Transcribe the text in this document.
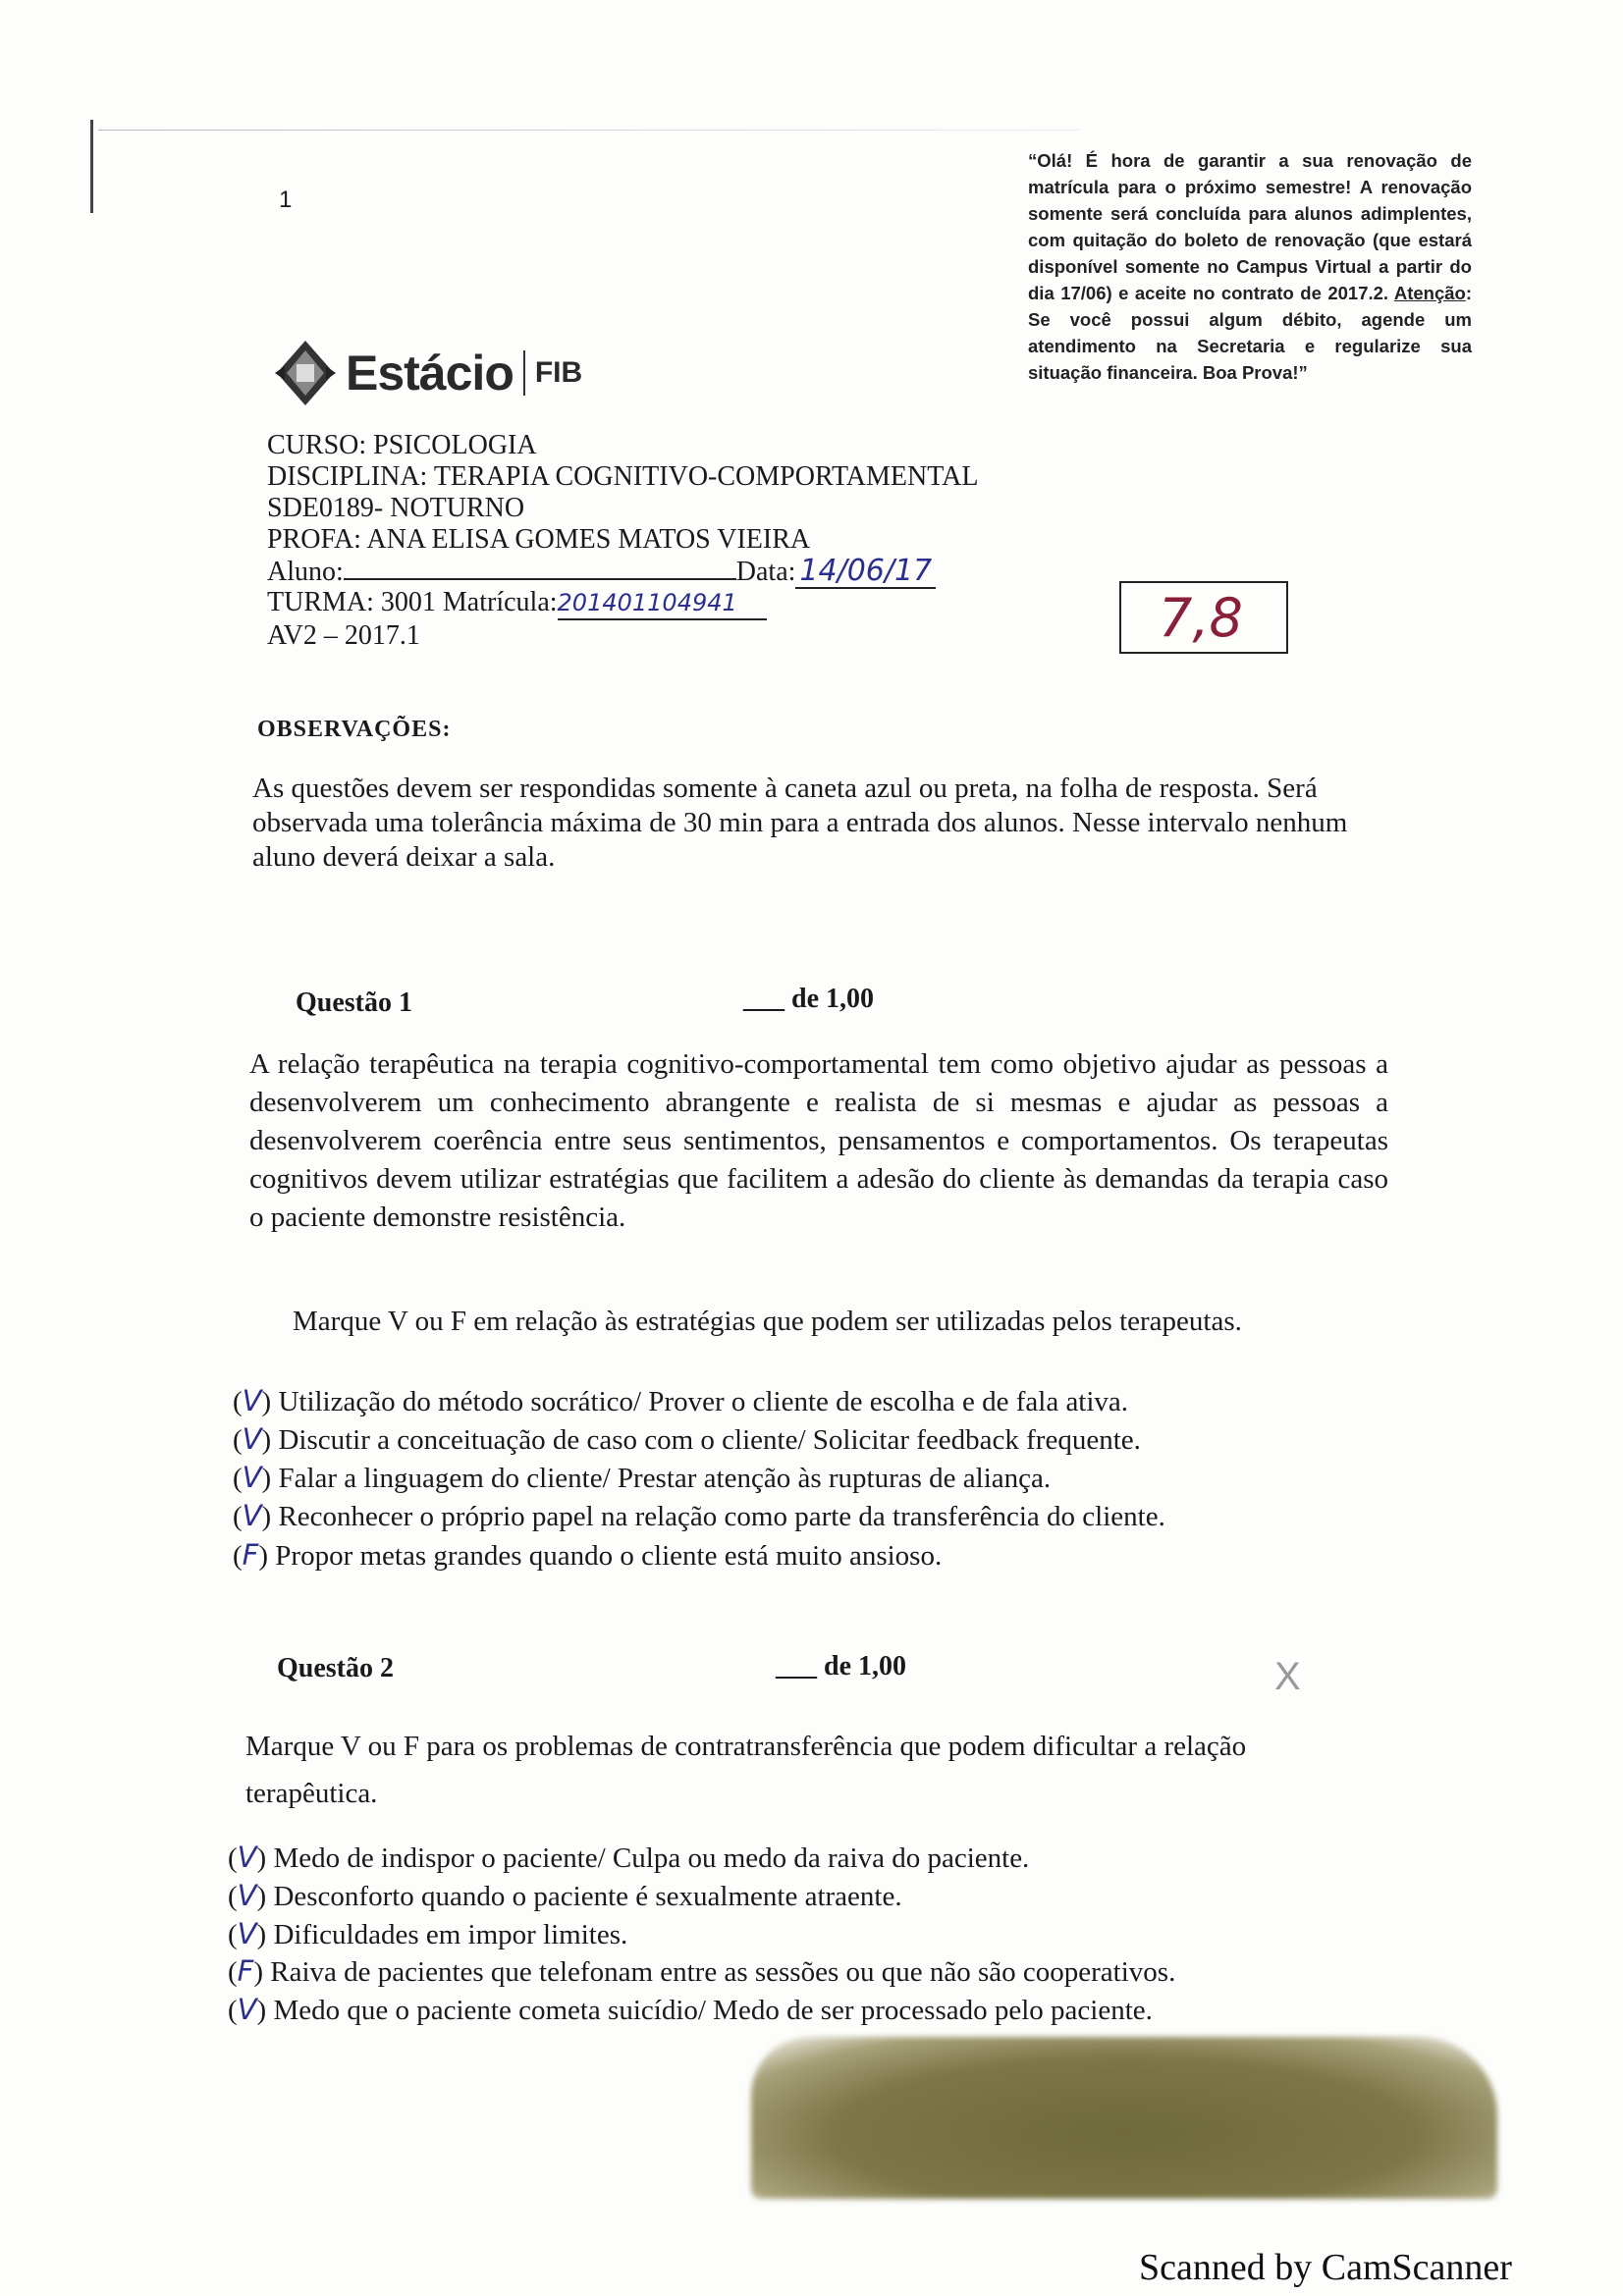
1
“Olá! É hora de garantir a sua renovação de matrícula para o próximo semestre! A renovação somente será concluída para alunos adimplentes, com quitação do boleto de renovação (que estará disponível somente no Campus Virtual a partir do dia 17/06) e aceite no contrato de 2017.2. Atenção: Se você possui algum débito, agende um atendimento na Secretaria e regularize sua situação financeira. Boa Prova!”
Estácio FIB
CURSO: PSICOLOGIA
DISCIPLINA: TERAPIA COGNITIVO-COMPORTAMENTAL
SDE0189- NOTURNO
PROFA: ANA ELISA GOMES MATOS VIEIRA
Aluno:	Data: 14/06/17
TURMA: 3001 Matrícula:201401104941
AV2 – 2017.1	7,8
OBSERVAÇÕES:
As questões devem ser respondidas somente à caneta azul ou preta, na folha de resposta. Será observada uma tolerância máxima de 30 min para a entrada dos alunos. Nesse intervalo nenhum aluno deverá deixar a sala.
Questão 1	___ de 1,00
A relação terapêutica na terapia cognitivo-comportamental tem como objetivo ajudar as pessoas a desenvolverem um conhecimento abrangente e realista de si mesmas e ajudar as pessoas a desenvolverem coerência entre seus sentimentos, pensamentos e comportamentos. Os terapeutas cognitivos devem utilizar estratégias que facilitem a adesão do cliente às demandas da terapia caso o paciente demonstre resistência.
Marque V ou F em relação às estratégias que podem ser utilizadas pelos terapeutas.
(V) Utilização do método socrático/ Prover o cliente de escolha e de fala ativa.
(V) Discutir a conceituação de caso com o cliente/ Solicitar feedback frequente.
(V) Falar a linguagem do cliente/ Prestar atenção às rupturas de aliança.
(V) Reconhecer o próprio papel na relação como parte da transferência do cliente.
(F) Propor metas grandes quando o cliente está muito ansioso.
Questão 2	___ de 1,00	X
Marque V ou F para os problemas de contratransferência que podem dificultar a relação terapêutica.
(V) Medo de indispor o paciente/ Culpa ou medo da raiva do paciente.
(V) Desconforto quando o paciente é sexualmente atraente.
(V) Dificuldades em impor limites.
(F) Raiva de pacientes que telefonam entre as sessões ou que não são cooperativos.
(V) Medo que o paciente cometa suicídio/ Medo de ser processado pelo paciente.
Scanned by CamScanner
